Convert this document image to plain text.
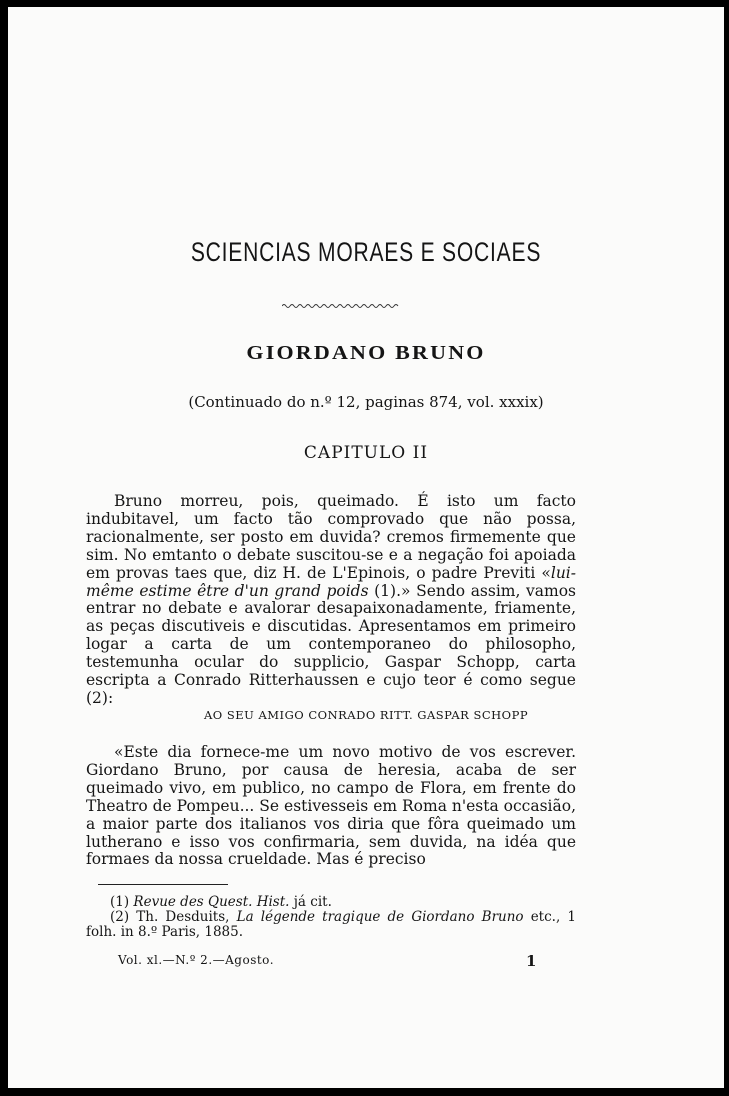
SCIENCIAS MORAES E SOCIAES
GIORDANO BRUNO
(Continuado do n.º 12, paginas 874, vol. xxxix)
CAPITULO II

Bruno morreu, pois, queimado. É isto um facto indubitavel, um facto tão comprovado que não possa, racionalmente, ser posto em duvida? cremos firmemente que sim. No emtanto o debate suscitou-se e a negação foi apoiada em provas taes que, diz H. de L'Epinois, o padre Previti «lui-même estime être d'un grand poids (1).» Sendo assim, vamos entrar no debate e avalorar desapaixonadamente, friamente, as peças discutiveis e discutidas. Apresentamos em primeiro logar a carta de um contemporaneo do philosopho, testemunha ocular do supplicio, Gaspar Schopp, carta escripta a Conrado Ritterhaussen e cujo teor é como segue (2):

AO SEU AMIGO CONRADO RITT. GASPAR SCHOPP

«Este dia fornece-me um novo motivo de vos escrever. Giordano Bruno, por causa de heresia, acaba de ser queimado vivo, em publico, no campo de Flora, em frente do Theatro de Pompeu... Se estivesseis em Roma n'esta occasião, a maior parte dos italianos vos diria que fôra queimado um lutherano e isso vos confirmaria, sem duvida, na idéa que formaes da nossa crueldade. Mas é preciso

(1) Revue des Quest. Hist. já cit.

(2) Th. Desduits, La légende tragique de Giordano Bruno etc., 1 folh. in 8.º Paris, 1885.

Vol. xl.—N.º 2.—Agosto.	1
